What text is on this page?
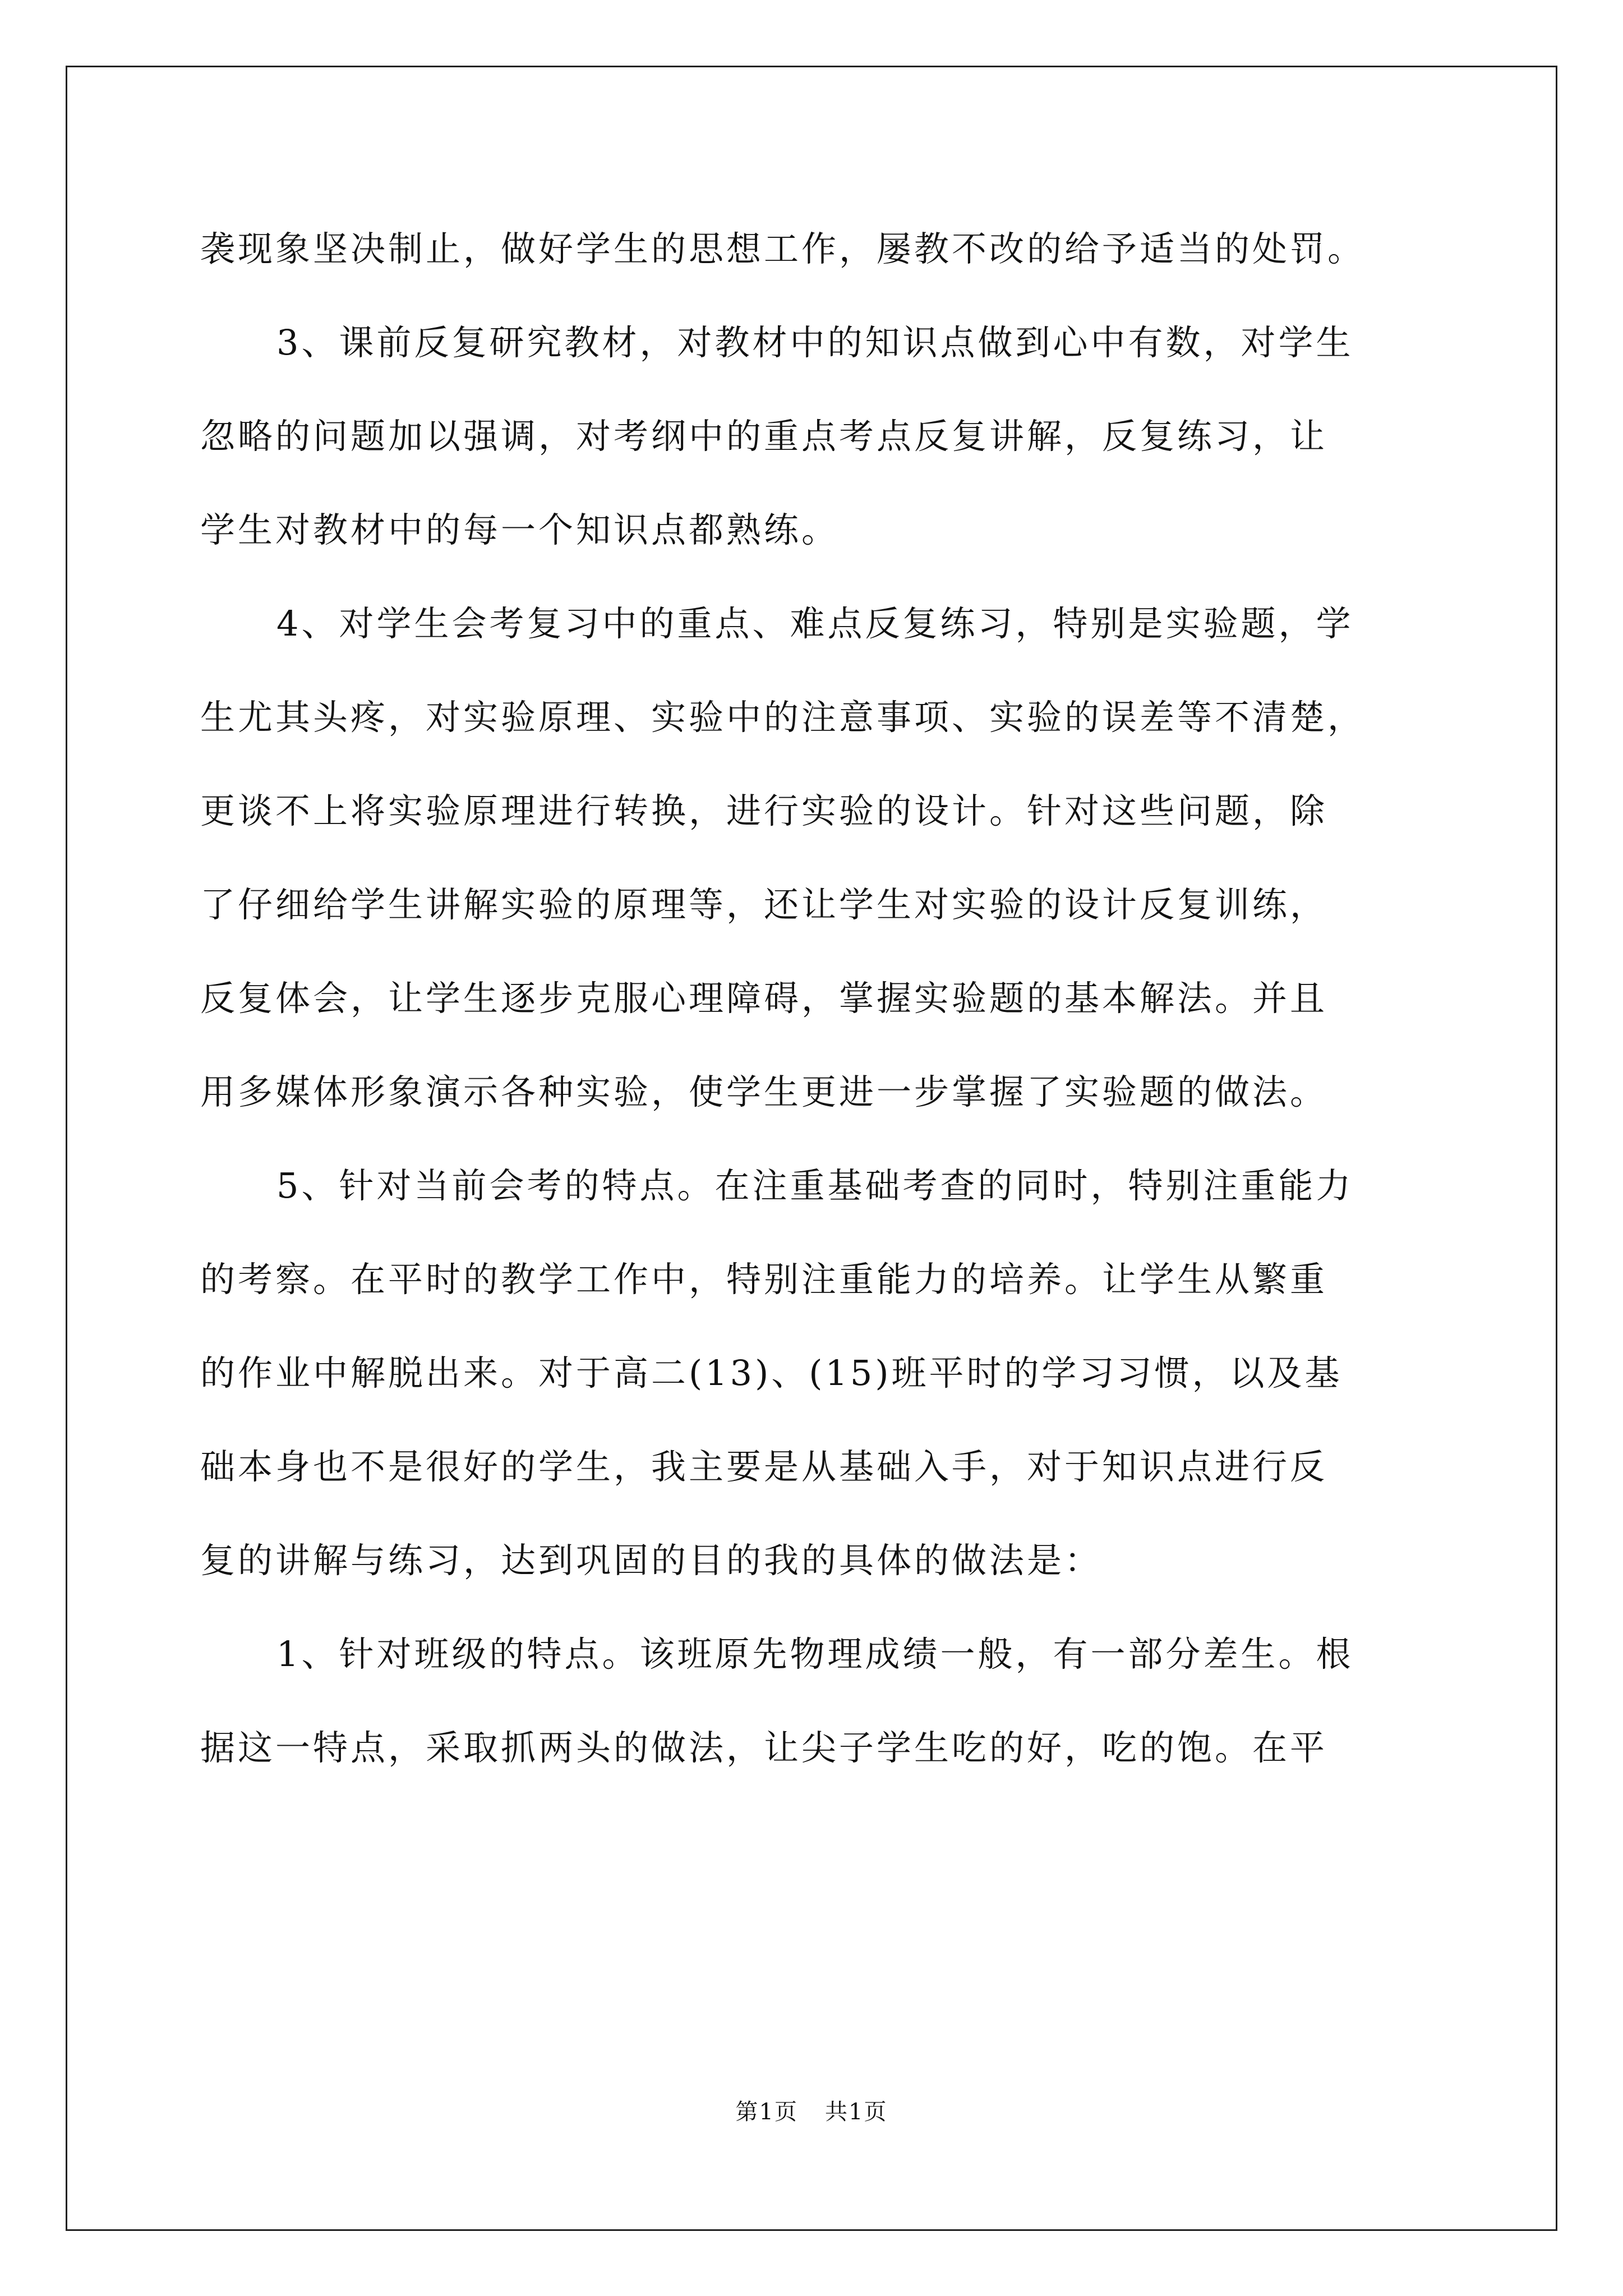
袭现象坚决制止，做好学生的思想工作，屡教不改的给予适当的处罚。
3、课前反复研究教材，对教材中的知识点做到心中有数，对学生
忽略的问题加以强调，对考纲中的重点考点反复讲解，反复练习，让
学生对教材中的每一个知识点都熟练。
4、对学生会考复习中的重点、难点反复练习，特别是实验题，学
生尤其头疼，对实验原理、实验中的注意事项、实验的误差等不清楚，
更谈不上将实验原理进行转换，进行实验的设计。针对这些问题，除
了仔细给学生讲解实验的原理等，还让学生对实验的设计反复训练，
反复体会，让学生逐步克服心理障碍，掌握实验题的基本解法。并且
用多媒体形象演示各种实验，使学生更进一步掌握了实验题的做法。
5、针对当前会考的特点。在注重基础考查的同时，特别注重能力
的考察。在平时的教学工作中，特别注重能力的培养。让学生从繁重
的作业中解脱出来。对于高二(13)、(15)班平时的学习习惯，以及基
础本身也不是很好的学生，我主要是从基础入手，对于知识点进行反
复的讲解与练习，达到巩固的目的我的具体的做法是：
1、针对班级的特点。该班原先物理成绩一般，有一部分差生。根
据这一特点，采取抓两头的做法，让尖子学生吃的好，吃的饱。在平
第1页 共1页
